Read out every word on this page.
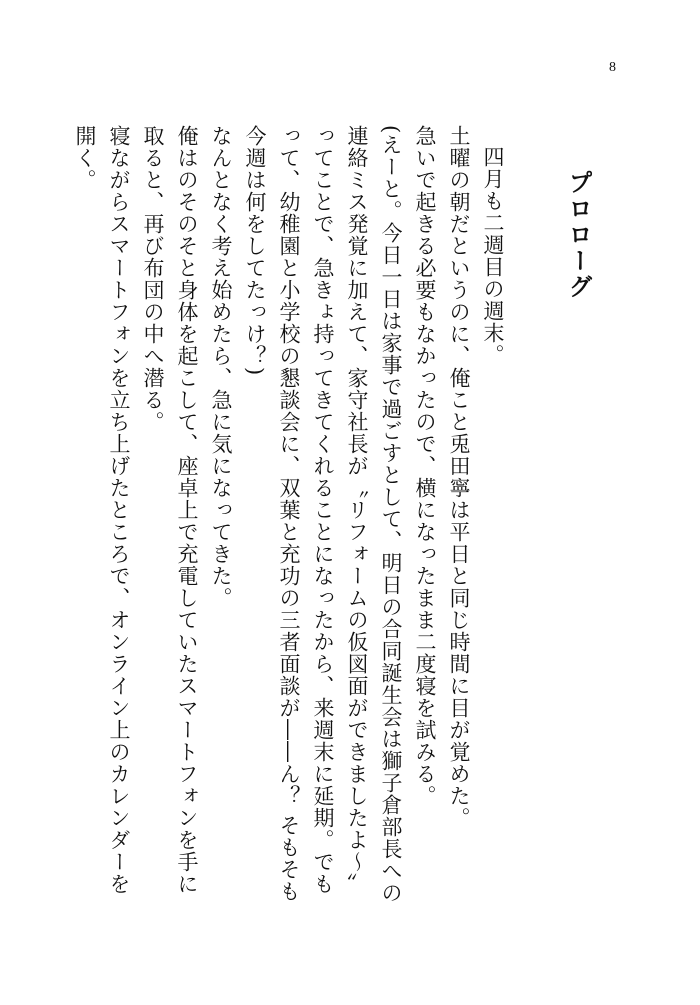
8
プロローグ

四月も二週目の週末。

土曜の朝だというのに、俺こと兎田寧は平日と同じ時間に目が覚めた。

急いで起きる必要もなかったので、横になったまま二度寝を試みる。

(えーと。今日一日は家事で過ごすとして、明日の合同誕生会は獅子倉部長への連絡ミス発覚に加えて、家守社長が〝リフォームの仮図面ができましたよ〜〟ってことで、急きょ持ってきてくれることになったから、来週末に延期。でもって、幼稚園と小学校の懇談会に、双葉と充功の三者面談が――ん？ そもそも今週は何をしてたっけ？)

なんとなく考え始めたら、急に気になってきた。

俺はのそのそと身体を起こして、座卓上で充電していたスマートフォンを手に取ると、再び布団の中へ潜る。

寝ながらスマートフォンを立ち上げたところで、オンライン上のカレンダーを開く。
